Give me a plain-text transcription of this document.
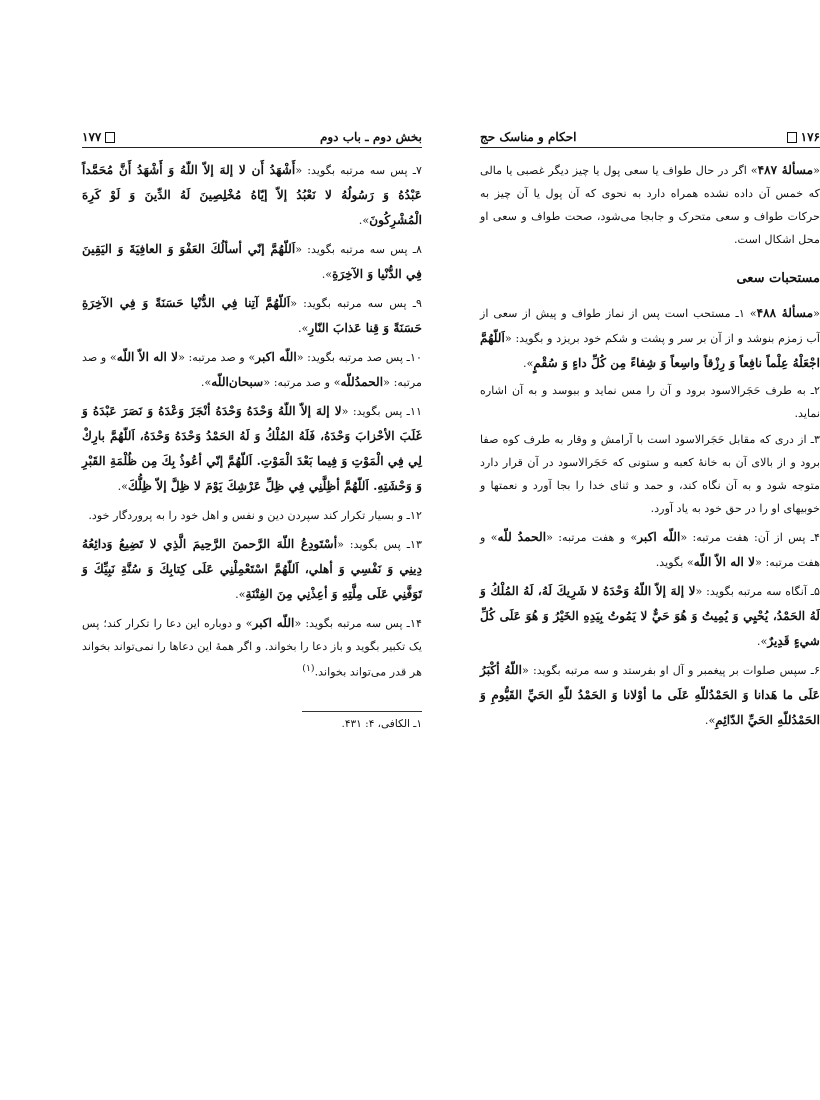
۱۷۷	بخش دوم ـ باب دوم

۷ـ پس سه مرتبه بگوید: «أَشْهَدُ أَن لا إلهَ إلاّ اللّهُ وَ أَشْهَدُ أَنَّ مُحَمَّداً عَبْدُهُ وَ رَسُولُهُ لا نَعْبُدُ إلاّ إيّاهُ مُخْلِصِينَ لَهُ الدِّينَ وَ لَوْ كَرِهَ الْمُشْرِكُونَ».

۸ـ پس سه مرتبه بگوید: «اَللّهُمَّ إنّي أسألُكَ العَفْوَ وَ العافِيَةَ وَ اليَقِينَ فِي الدُّنْيا وَ الآخِرَةِ».

۹ـ پس سه مرتبه بگوید: «اَللّهُمَّ آتِنا فِي الدُّنْيا حَسَنَةً وَ فِي الآخِرَةِ حَسَنَةً وَ قِنا عَذابَ النّارِ».

۱۰ـ پس صد مرتبه بگوید: «اللّه اكبر» و صد مرتبه: «لا اله الاّ اللّه» و صد مرتبه: «الحمدُللّه» و صد مرتبه: «سبحان‌اللّه».

۱۱ـ پس بگوید: «لا إلهَ إلاّ اللّهُ وَحْدَهُ وَحْدَهُ أنْجَزَ وَعْدَهُ وَ نَصَرَ عَبْدَهُ وَ غَلَبَ الأحْزابَ وَحْدَهُ، فَلَهُ المُلْكُ وَ لَهُ الحَمْدُ وَحْدَهُ وَحْدَهُ، اَللّهُمَّ بارِكْ لِي فِي الْمَوْتِ وَ فِيما بَعْدَ الْمَوْتِ. اَللّهُمَّ إنّي أعُوذُ بِكَ مِن ظُلْمَةِ القَبْرِ وَ وَحْشَتِهِ. اَللّهُمَّ أظِلَّنِي فِي ظِلِّ عَرْشِكَ يَوْمَ لا ظِلَّ إلاّ ظِلُّكَ».

۱۲ـ و بسیار تکرار کند سپردن دین و نفس و اهل خود را به پروردگار خود.

۱۳ـ پس بگوید: «أسْتَودِعُ اللّهَ الرَّحمنَ الرَّحِيمَ الَّذِي لا تَضِيعُ وَدائِعُهُ دِينِي وَ نَفْسِي وَ أهلي، اَللّهُمَّ اسْتَعْمِلْنِي عَلَى كِتابِكَ وَ سُنَّةِ نَبِيِّكَ وَ تَوَفَّنِي عَلَى مِلَّتِهِ وَ أعِذْنِي مِنَ الفِتْنَةِ».

۱۴ـ پس سه مرتبه بگوید: «اللّه اکبر» و دوباره این دعا را تکرار کند؛ پس یک تکبیر بگوید و باز دعا را بخواند. و اگر همهٔ این دعاها را نمی‌تواند بخواند هر قدر می‌تواند بخواند.$^{(۱)}$

۱ـ الکافی، ۴: ۴۳۱.
احکام و مناسک حج	۱۷۶

«مسألهٔ ۴۸۷» اگر در حال طواف یا سعی پول یا چیز دیگر غصبی یا مالی که خمس آن داده نشده همراه دارد به نحوی که آن پول یا آن چیز به حرکات طواف و سعی متحرک و جابجا می‌شود، صحت طواف و سعی او محل اشکال است.

مستحبات سعی

«مسألهٔ ۴۸۸» ۱ـ مستحب است پس از نماز طواف و پیش از سعی از آب زمزم بنوشد و از آن بر سر و پشت و شکم خود بریزد و بگوید: «اَللّهُمَّ اجْعَلْهُ عِلْماً نافِعاً وَ رِزْقاً واسِعاً وَ شِفاءً مِن كُلِّ داءٍ وَ سُقْمٍ».

۲ـ به طرف حَجَرالاسود برود و آن را مس نماید و ببوسد و به آن اشاره نماید.

۳ـ از دری که مقابل حَجَرالاسود است با آرامش و وقار به طرف کوه صفا برود و از بالای آن به خانهٔ کعبه و ستونی که حَجَرالاسود در آن قرار دارد متوجه شود و به آن نگاه کند، و حمد و ثنای خدا را بجا آورد و نعمتها و خوبیهای او را در حق خود به یاد آورد.

۴ـ پس از آن: هفت مرتبه: «اللّه اکبر» و هفت مرتبه: «الحمدُ للّه» و هفت مرتبه: «لا اله الاّ اللّه» بگوید.

۵ـ آنگاه سه مرتبه بگوید: «لا إلهَ إلاّ اللّهُ وَحْدَهُ لا شَرِيكَ لَهُ، لَهُ المُلْكُ وَ لَهُ الحَمْدُ، يُحْيِي وَ يُمِيتُ وَ هُوَ حَيٌّ لا يَمُوتُ بِيَدِهِ الخَيْرُ وَ هُوَ عَلَى كُلِّ شيءٍ قَدِيرٌ».

۶ـ سپس صلوات بر پیغمبر و آل او بفرستد و سه مرتبه بگوید: «اللّهُ أكْبَرُ عَلَى ما هَدانا وَ الحَمْدُللّهِ عَلَى ما أوْلانا وَ الحَمْدُ للّهِ الحَيِّ القَيُّومِ وَ الحَمْدُللّهِ الحَيِّ الدّائِمِ».
